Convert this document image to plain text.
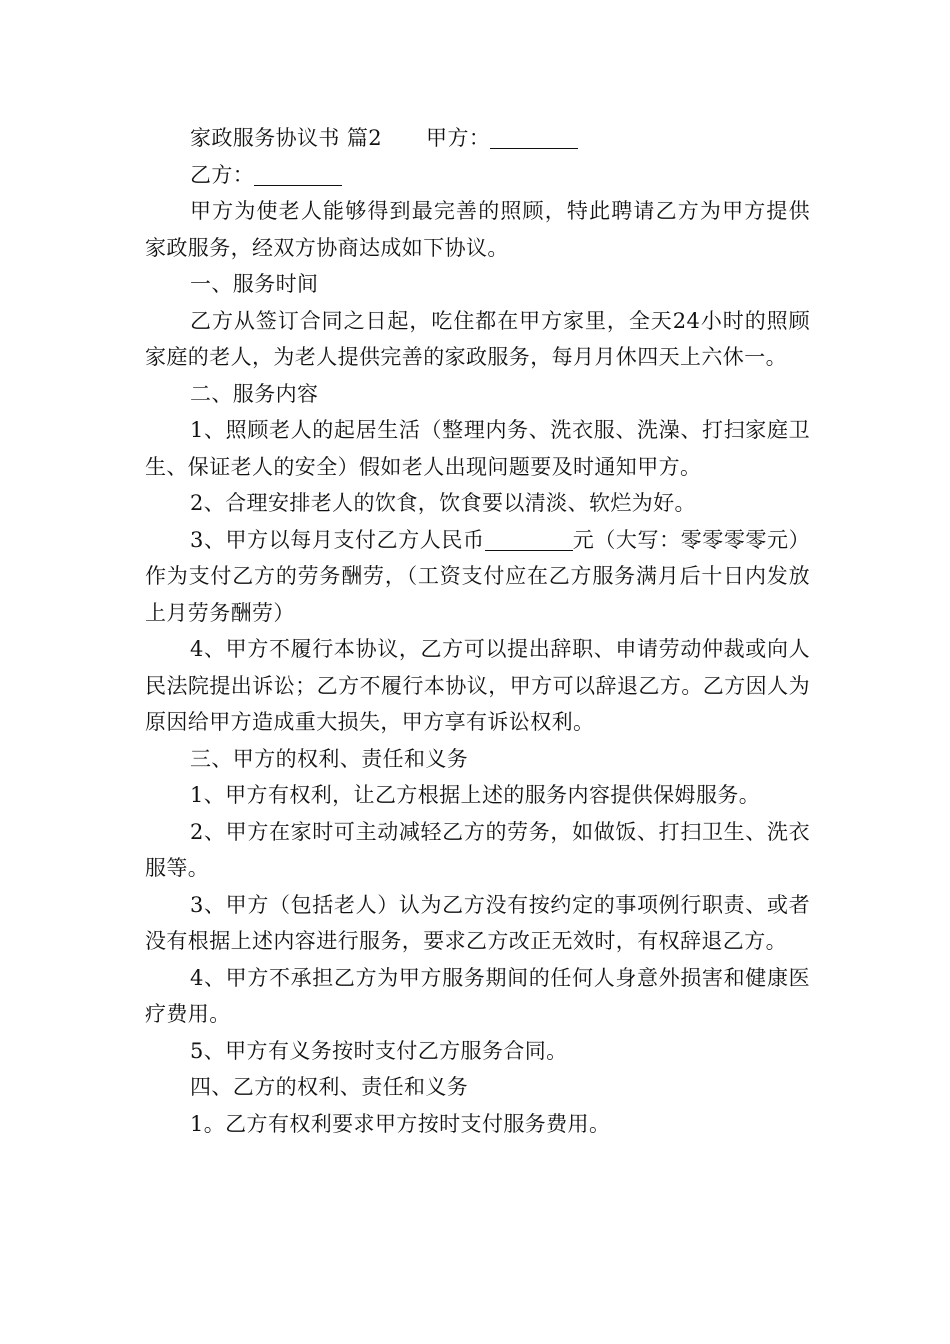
家政服务协议书 篇2 甲方：

乙方：

甲方为使老人能够得到最完善的照顾，特此聘请乙方为甲方提供家政服务，经双方协商达成如下协议。

一、服务时间

乙方从签订合同之日起，吃住都在甲方家里，全天24小时的照顾家庭的老人，为老人提供完善的家政服务，每月月休四天上六休一。

二、服务内容

1、照顾老人的起居生活（整理内务、洗衣服、洗澡、打扫家庭卫生、保证老人的安全）假如老人出现问题要及时通知甲方。

2、合理安排老人的饮食，饮食要以清淡、软烂为好。

3、甲方以每月支付乙方人民币	元（大写：零零零零元）作为支付乙方的劳务酬劳，（工资支付应在乙方服务满月后十日内发放上月劳务酬劳）

4、甲方不履行本协议，乙方可以提出辞职、申请劳动仲裁或向人民法院提出诉讼；乙方不履行本协议，甲方可以辞退乙方。乙方因人为原因给甲方造成重大损失，甲方享有诉讼权利。

三、甲方的权利、责任和义务

1、甲方有权利，让乙方根据上述的服务内容提供保姆服务。

2、甲方在家时可主动减轻乙方的劳务，如做饭、打扫卫生、洗衣服等。

3、甲方（包括老人）认为乙方没有按约定的事项例行职责、或者没有根据上述内容进行服务，要求乙方改正无效时，有权辞退乙方。

4、甲方不承担乙方为甲方服务期间的任何人身意外损害和健康医疗费用。

5、甲方有义务按时支付乙方服务合同。

四、乙方的权利、责任和义务

1。乙方有权利要求甲方按时支付服务费用。
